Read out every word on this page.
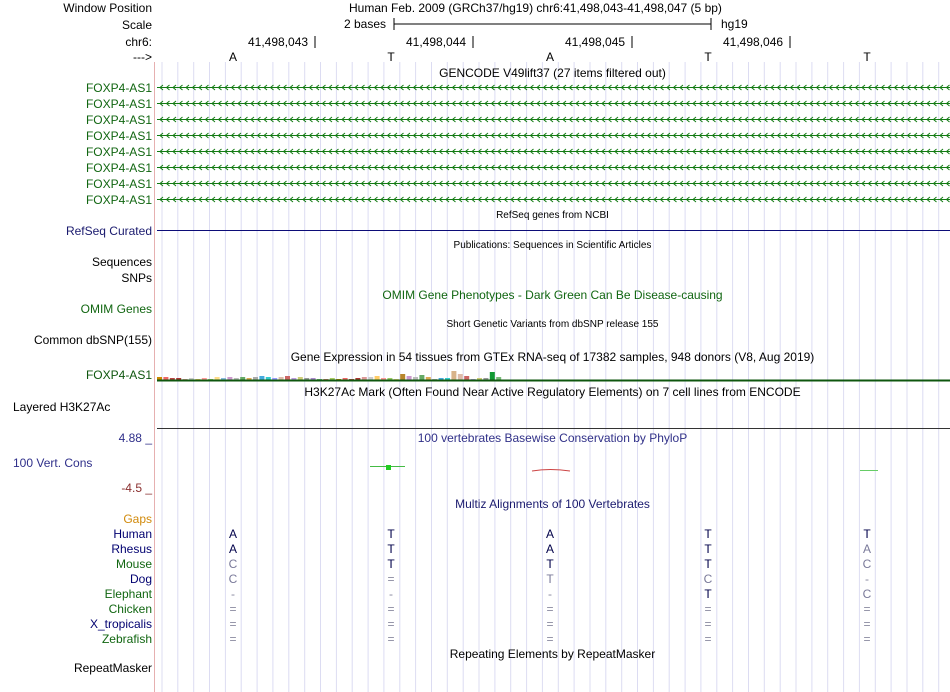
Window Position	Human Feb. 2009 (GRCh37/hg19) chr6:41,498,043-41,498,047 (5 bp)
Scale	2 bases	hg19
chr6:	41,498,043	41,498,044	41,498,045	41,498,046
--->	A	T	A	T	T
GENCODE V49lift37 (27 items filtered out)
FOXP4-AS1
FOXP4-AS1
FOXP4-AS1
FOXP4-AS1
FOXP4-AS1
FOXP4-AS1
FOXP4-AS1
FOXP4-AS1
RefSeq genes from NCBI
RefSeq Curated
Publications: Sequences in Scientific Articles
Sequences
SNPs
OMIM Gene Phenotypes - Dark Green Can Be Disease-causing
OMIM Genes
Short Genetic Variants from dbSNP release 155
Common dbSNP(155)
Gene Expression in 54 tissues from GTEx RNA-seq of 17382 samples, 948 donors (V8, Aug 2019)
FOXP4-AS1
H3K27Ac Mark (Often Found Near Active Regulatory Elements) on 7 cell lines from ENCODE
Layered H3K27Ac
4.88 _	100 vertebrates Basewise Conservation by PhyloP
100 Vert. Cons
-4.5 _
Multiz Alignments of 100 Vertebrates
Gaps
Human	A	T	A	T	T
Rhesus	A	T	A	T	A
Mouse	C	T	T	T	C
Dog	C	=	T	C	-
Elephant	-	-	-	T	C
Chicken	=	=	=	=	=
X_tropicalis	=	=	=	=	=
Zebrafish	=	=	=	=	=
Repeating Elements by RepeatMasker
RepeatMasker
